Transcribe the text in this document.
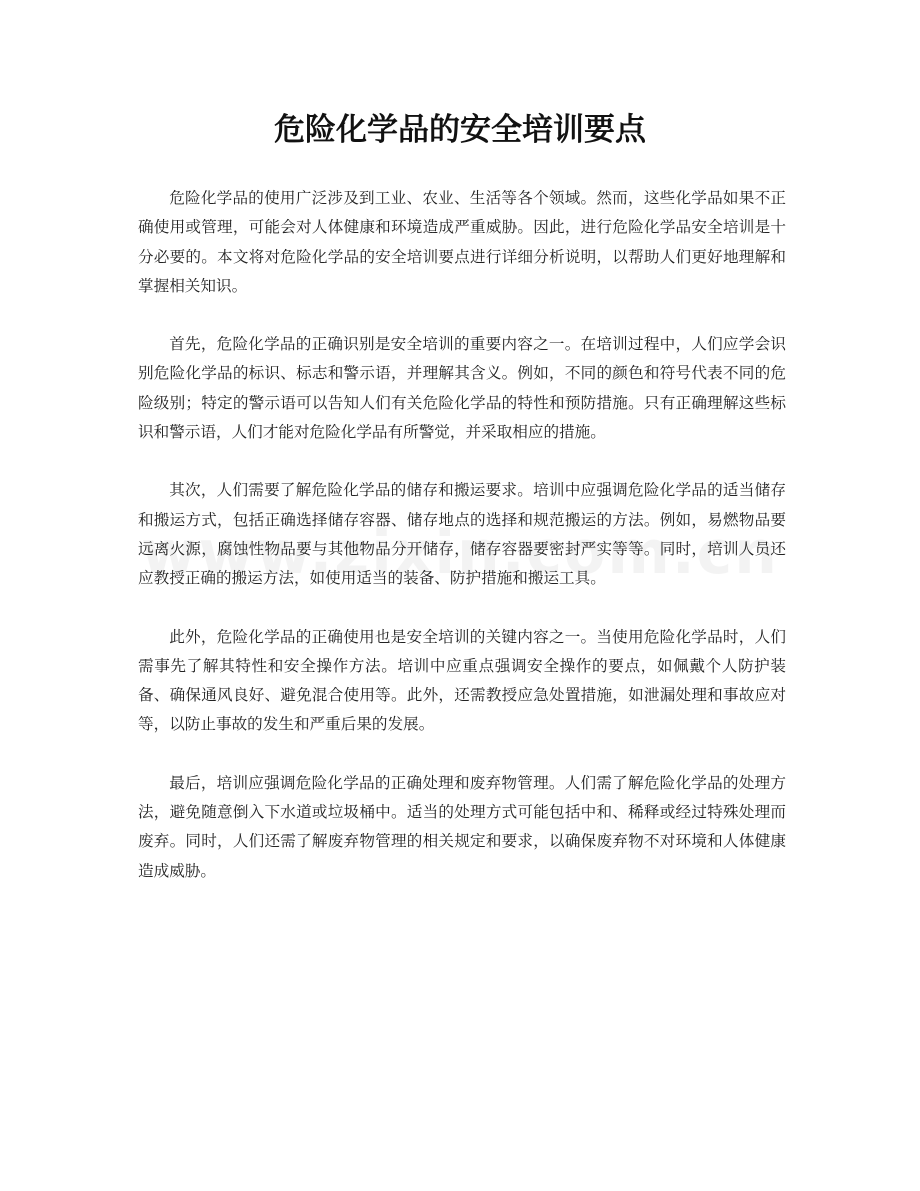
危险化学品的安全培训要点

危险化学品的使用广泛涉及到工业、农业、生活等各个领域。然而，这些化学品如果不正确使用或管理，可能会对人体健康和环境造成严重威胁。因此，进行危险化学品安全培训是十分必要的。本文将对危险化学品的安全培训要点进行详细分析说明，以帮助人们更好地理解和掌握相关知识。

首先，危险化学品的正确识别是安全培训的重要内容之一。在培训过程中，人们应学会识别危险化学品的标识、标志和警示语，并理解其含义。例如，不同的颜色和符号代表不同的危险级别；特定的警示语可以告知人们有关危险化学品的特性和预防措施。只有正确理解这些标识和警示语，人们才能对危险化学品有所警觉，并采取相应的措施。

其次，人们需要了解危险化学品的储存和搬运要求。培训中应强调危险化学品的适当储存和搬运方式，包括正确选择储存容器、储存地点的选择和规范搬运的方法。例如，易燃物品要远离火源，腐蚀性物品要与其他物品分开储存，储存容器要密封严实等等。同时，培训人员还应教授正确的搬运方法，如使用适当的装备、防护措施和搬运工具。

此外，危险化学品的正确使用也是安全培训的关键内容之一。当使用危险化学品时，人们需事先了解其特性和安全操作方法。培训中应重点强调安全操作的要点，如佩戴个人防护装备、确保通风良好、避免混合使用等。此外，还需教授应急处置措施，如泄漏处理和事故应对等，以防止事故的发生和严重后果的发展。

最后，培训应强调危险化学品的正确处理和废弃物管理。人们需了解危险化学品的处理方法，避免随意倒入下水道或垃圾桶中。适当的处理方式可能包括中和、稀释或经过特殊处理而废弃。同时，人们还需了解废弃物管理的相关规定和要求，以确保废弃物不对环境和人体健康造成威胁。
